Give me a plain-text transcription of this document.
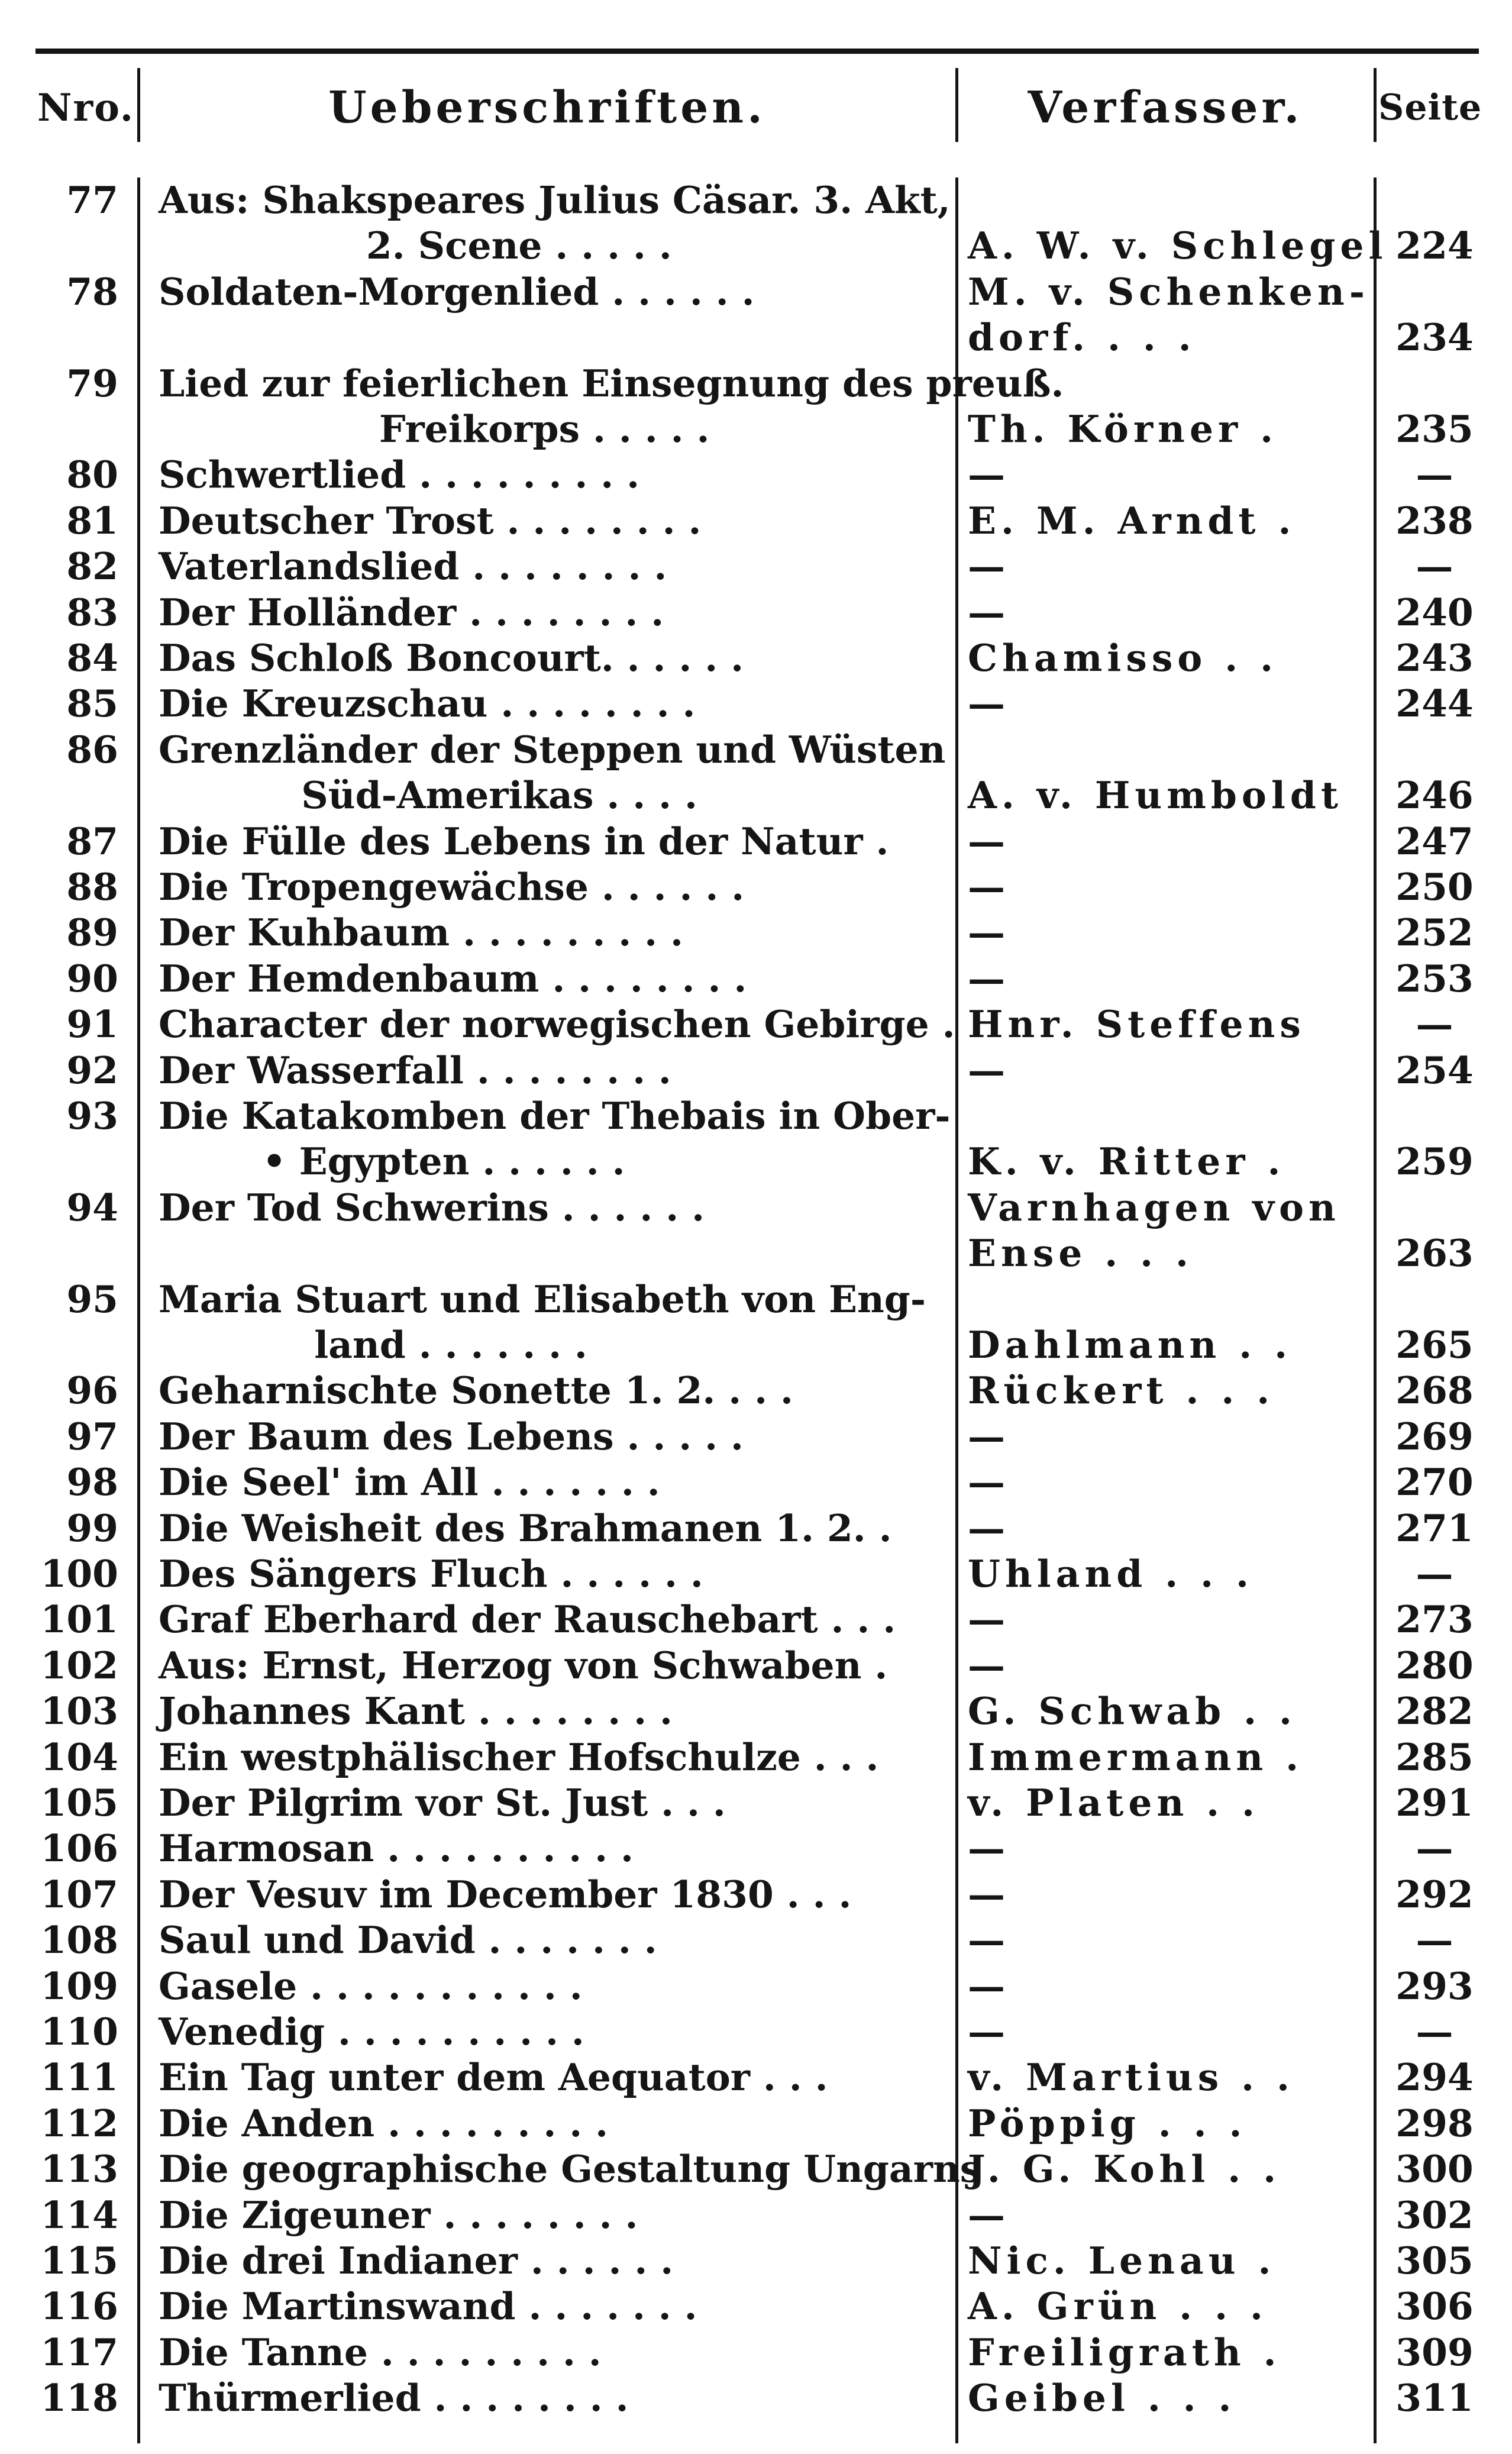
Nro.	Ueberschriften.	Verfasser.	Seite
77 Aus: Shakspeares Julius Cäsar. 3. Akt,
2. Scene . . . . .	A. W. v. Schlegel 224
78 Soldaten-Morgenlied . . . . . .	M. v. Schenken-
dorf. . . .	234
79 Lied zur feierlichen Einsegnung des preuß.
Freikorps . . . . .	Th. Körner .	235
80 Schwertlied . . . . . . . . .	—	—
81 Deutscher Trost . . . . . . . .	E. M. Arndt .	238
82 Vaterlandslied . . . . . . . .	—	—
83 Der Holländer . . . . . . . .	—	240
84 Das Schloß Boncourt. . . . . .	Chamisso . .	243
85 Die Kreuzschau . . . . . . . .	—	244
86 Grenzländer der Steppen und Wüsten
Süd-Amerikas . . . .	A. v. Humboldt	246
87 Die Fülle des Lebens in der Natur .	—	247
88 Die Tropengewächse . . . . . .	—	250
89 Der Kuhbaum . . . . . . . . .	—	252
90 Der Hemdenbaum . . . . . . . .	—	253
91 Character der norwegischen Gebirge . Hnr. Steffens	—
92 Der Wasserfall . . . . . . . .	—	254
93 Die Katakomben der Thebais in Ober-
• Egypten . . . . . .	K. v. Ritter .	259
94 Der Tod Schwerins . . . . . .	Varnhagen von
Ense . . .	263
95 Maria Stuart und Elisabeth von Eng-
land . . . . . . .	Dahlmann . .	265
96 Geharnischte Sonette 1. 2. . . .	Rückert . . .	268
97 Der Baum des Lebens . . . . .	—	269
98 Die Seel' im All . . . . . . .	—	270
99 Die Weisheit des Brahmanen 1. 2. .	—	271
100 Des Sängers Fluch . . . . . .	Uhland . . .	—
101 Graf Eberhard der Rauschebart . . .	—	273
102 Aus: Ernst, Herzog von Schwaben .	—	280
103 Johannes Kant . . . . . . . .	G. Schwab . .	282
104 Ein westphälischer Hofschulze . . .	Immermann .	285
105 Der Pilgrim vor St. Just . . .	v. Platen . .	291
106 Harmosan . . . . . . . . . .	—	—
107 Der Vesuv im December 1830 . . .	—	292
108 Saul und David . . . . . . .	—	—
109 Gasele . . . . . . . . . . .	—	293
110 Venedig . . . . . . . . . .	—	—
111 Ein Tag unter dem Aequator . . .	v. Martius . .	294
112 Die Anden . . . . . . . . .	Pöppig . . .	298
113 Die geographische Gestaltung Ungarns
J. G. Kohl . .	300
114 Die Zigeuner . . . . . . . .	—	302
115 Die drei Indianer . . . . . .	Nic. Lenau .	305
116 Die Martinswand . . . . . . .	A. Grün . . .	306
117 Die Tanne . . . . . . . . .	Freiligrath .	309
118 Thürmerlied . . . . . . . .	Geibel . . .	311
